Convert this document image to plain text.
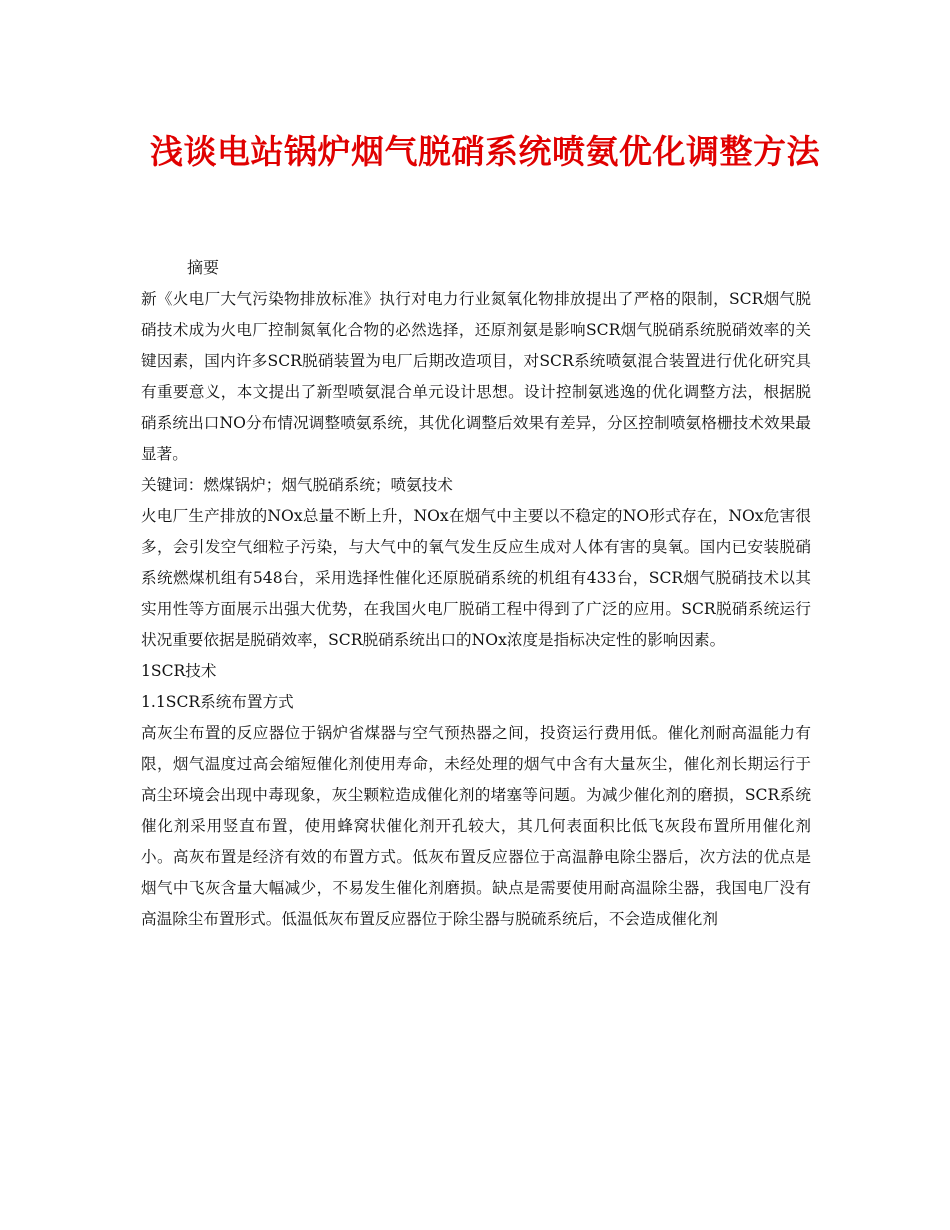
浅谈电站锅炉烟气脱硝系统喷氨优化调整方法
摘要

新《火电厂大气污染物排放标准》执行对电力行业氮氧化物排放提出了严格的限制，SCR烟气脱硝技术成为火电厂控制氮氧化合物的必然选择，还原剂氨是影响SCR烟气脱硝系统脱硝效率的关键因素，国内许多SCR脱硝装置为电厂后期改造项目，对SCR系统喷氨混合装置进行优化研究具有重要意义，本文提出了新型喷氨混合单元设计思想。设计控制氨逃逸的优化调整方法，根据脱硝系统出口NO分布情况调整喷氨系统，其优化调整后效果有差异，分区控制喷氨格栅技术效果最显著。

关键词：燃煤锅炉；烟气脱硝系统；喷氨技术

火电厂生产排放的NOx总量不断上升，NOx在烟气中主要以不稳定的NO形式存在，NOx危害很多，会引发空气细粒子污染，与大气中的氧气发生反应生成对人体有害的臭氧。国内已安装脱硝系统燃煤机组有548台，采用选择性催化还原脱硝系统的机组有433台，SCR烟气脱硝技术以其实用性等方面展示出强大优势，在我国火电厂脱硝工程中得到了广泛的应用。SCR脱硝系统运行状况重要依据是脱硝效率，SCR脱硝系统出口的NOx浓度是指标决定性的影响因素。

1SCR技术

1.1SCR系统布置方式

高灰尘布置的反应器位于锅炉省煤器与空气预热器之间，投资运行费用低。催化剂耐高温能力有限，烟气温度过高会缩短催化剂使用寿命，未经处理的烟气中含有大量灰尘，催化剂长期运行于高尘环境会出现中毒现象，灰尘颗粒造成催化剂的堵塞等问题。为减少催化剂的磨损，SCR系统催化剂采用竖直布置，使用蜂窝状催化剂开孔较大，其几何表面积比低飞灰段布置所用催化剂小。高灰布置是经济有效的布置方式。低灰布置反应器位于高温静电除尘器后，次方法的优点是烟气中飞灰含量大幅减少，不易发生催化剂磨损。缺点是需要使用耐高温除尘器，我国电厂没有高温除尘布置形式。低温低灰布置反应器位于除尘器与脱硫系统后，不会造成催化剂
